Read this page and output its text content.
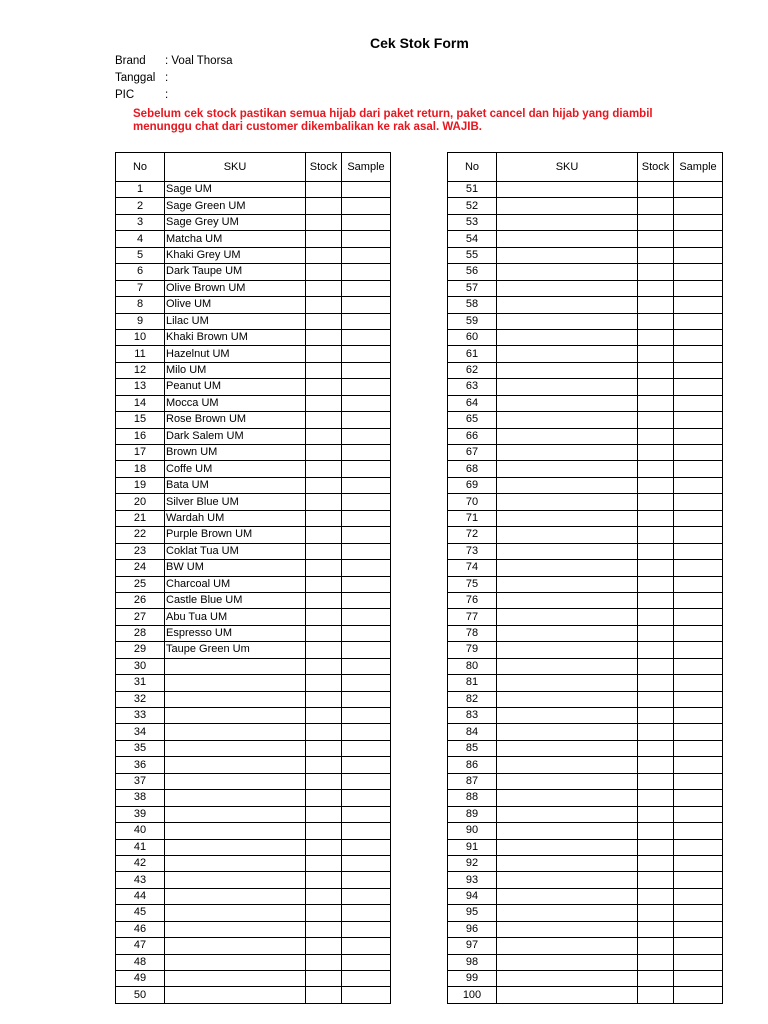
Cek Stok Form
Brand : Voal Thorsa
Tanggal :
PIC	:
Sebelum cek stock pastikan semua hijab dari paket return, paket cancel dan hijab yang diambil menunggu chat dari customer dikembalikan ke rak asal. WAJIB.
No	SKU	Stock	Sample
1	Sage UM		
2	Sage Green UM		
3	Sage Grey UM		
4	Matcha UM		
5	Khaki Grey UM		
6	Dark Taupe UM		
7	Olive Brown UM		
8	Olive UM		
9	Lilac UM		
10	Khaki Brown UM		
11	Hazelnut UM		
12	Milo UM		
13	Peanut UM		
14	Mocca UM		
15	Rose Brown UM		
16	Dark Salem UM		
17	Brown UM		
18	Coffe UM		
19	Bata UM		
20	Silver Blue UM		
21	Wardah UM		
22	Purple Brown UM		
23	Coklat Tua UM		
24	BW UM		
25	Charcoal UM		
26	Castle Blue UM		
27	Abu Tua UM		
28	Espresso UM		
29	Taupe Green Um		
30			
31			
32			
33			
34			
35			
36			
37			
38			
39			
40			
41			
42			
43			
44			
45			
46			
47			
48			
49			
50			
No	SKU	Stock	Sample
51			
52			
53			
54			
55			
56			
57			
58			
59			
60			
61			
62			
63			
64			
65			
66			
67			
68			
69			
70			
71			
72			
73			
74			
75			
76			
77			
78			
79			
80			
81			
82			
83			
84			
85			
86			
87			
88			
89			
90			
91			
92			
93			
94			
95			
96			
97			
98			
99			
100			
